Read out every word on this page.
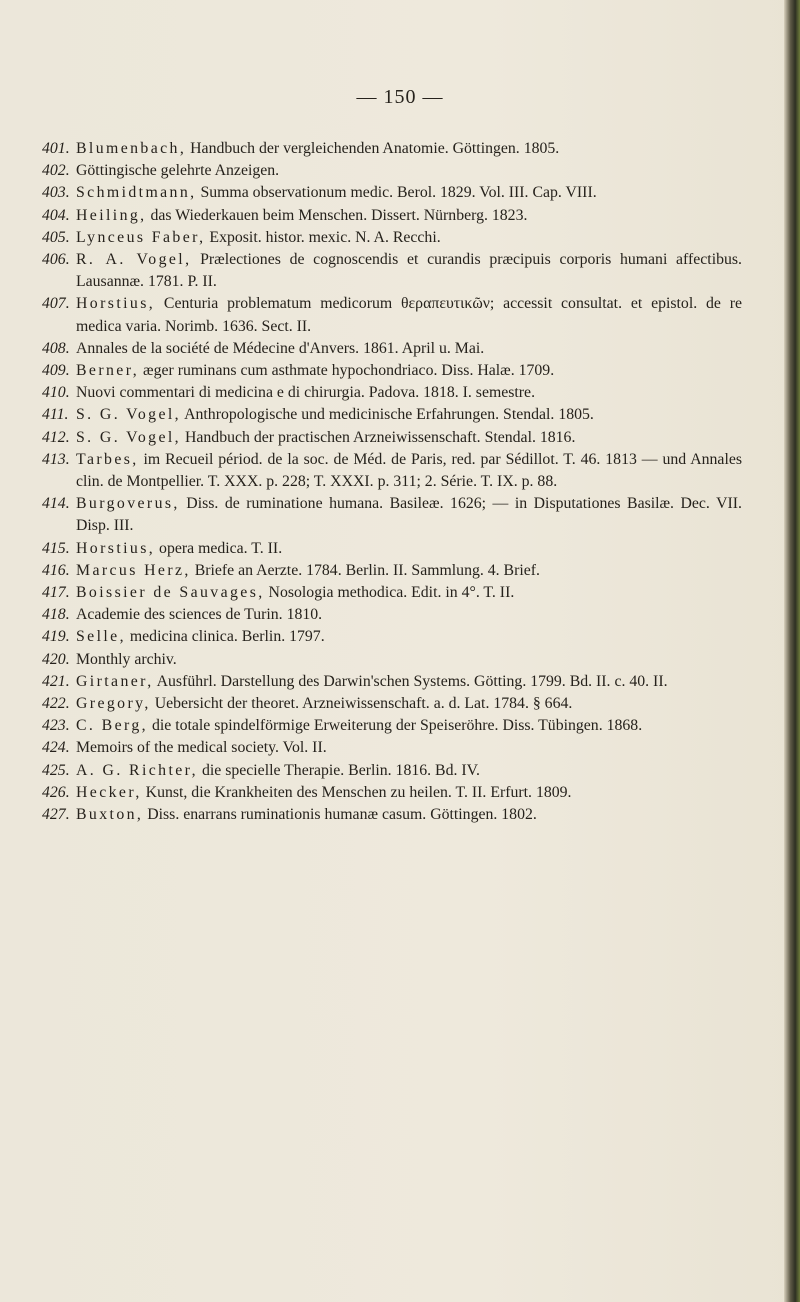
— 150 —
401. Blumenbach, Handbuch der vergleichenden Anatomie. Göttingen. 1805.
402. Göttingische gelehrte Anzeigen.
403. Schmidtmann, Summa observationum medic. Berol. 1829. Vol. III. Cap. VIII.
404. Heiling, das Wiederkauen beim Menschen. Dissert. Nürnberg. 1823.
405. Lynceus Faber, Exposit. histor. mexic. N. A. Recchi.
406. R. A. Vogel, Prælectiones de cognoscendis et curandis præcipuis corporis humani affectibus. Lausannæ. 1781. P. II.
407. Horstius, Centuria problematum medicorum θεραπευτικῶν; accessit consultat. et epistol. de re medica varia. Norimb. 1636. Sect. II.
408. Annales de la société de Médecine d'Anvers. 1861. April u. Mai.
409. Berner, æger ruminans cum asthmate hypochondriaco. Diss. Halæ. 1709.
410. Nuovi commentari di medicina e di chirurgia. Padova. 1818. I. semestre.
411. S. G. Vogel, Anthropologische und medicinische Erfahrungen. Stendal. 1805.
412. S. G. Vogel, Handbuch der practischen Arzneiwissenschaft. Stendal. 1816.
413. Tarbes, im Recueil périod. de la soc. de Méd. de Paris, red. par Sédillot. T. 46. 1813 — und Annales clin. de Montpellier. T. XXX. p. 228; T. XXXI. p. 311; 2. Série. T. IX. p. 88.
414. Burgoverus, Diss. de ruminatione humana. Basileæ. 1626; — in Disputationes Basilæ. Dec. VII. Disp. III.
415. Horstius, opera medica. T. II.
416. Marcus Herz, Briefe an Aerzte. 1784. Berlin. II. Sammlung. 4. Brief.
417. Boissier de Sauvages, Nosologia methodica. Edit. in 4°. T. II.
418. Academie des sciences de Turin. 1810.
419. Selle, medicina clinica. Berlin. 1797.
420. Monthly archiv.
421. Girtaner, Ausführl. Darstellung des Darwin'schen Systems. Götting. 1799. Bd. II. c. 40. II.
422. Gregory, Uebersicht der theoret. Arzneiwissenschaft. a. d. Lat. 1784. § 664.
423. C. Berg, die totale spindelförmige Erweiterung der Speiseröhre. Diss. Tübingen. 1868.
424. Memoirs of the medical society. Vol. II.
425. A. G. Richter, die specielle Therapie. Berlin. 1816. Bd. IV.
426. Hecker, Kunst, die Krankheiten des Menschen zu heilen. T. II. Erfurt. 1809.
427. Buxton, Diss. enarrans ruminationis humanæ casum. Göttingen. 1802.
